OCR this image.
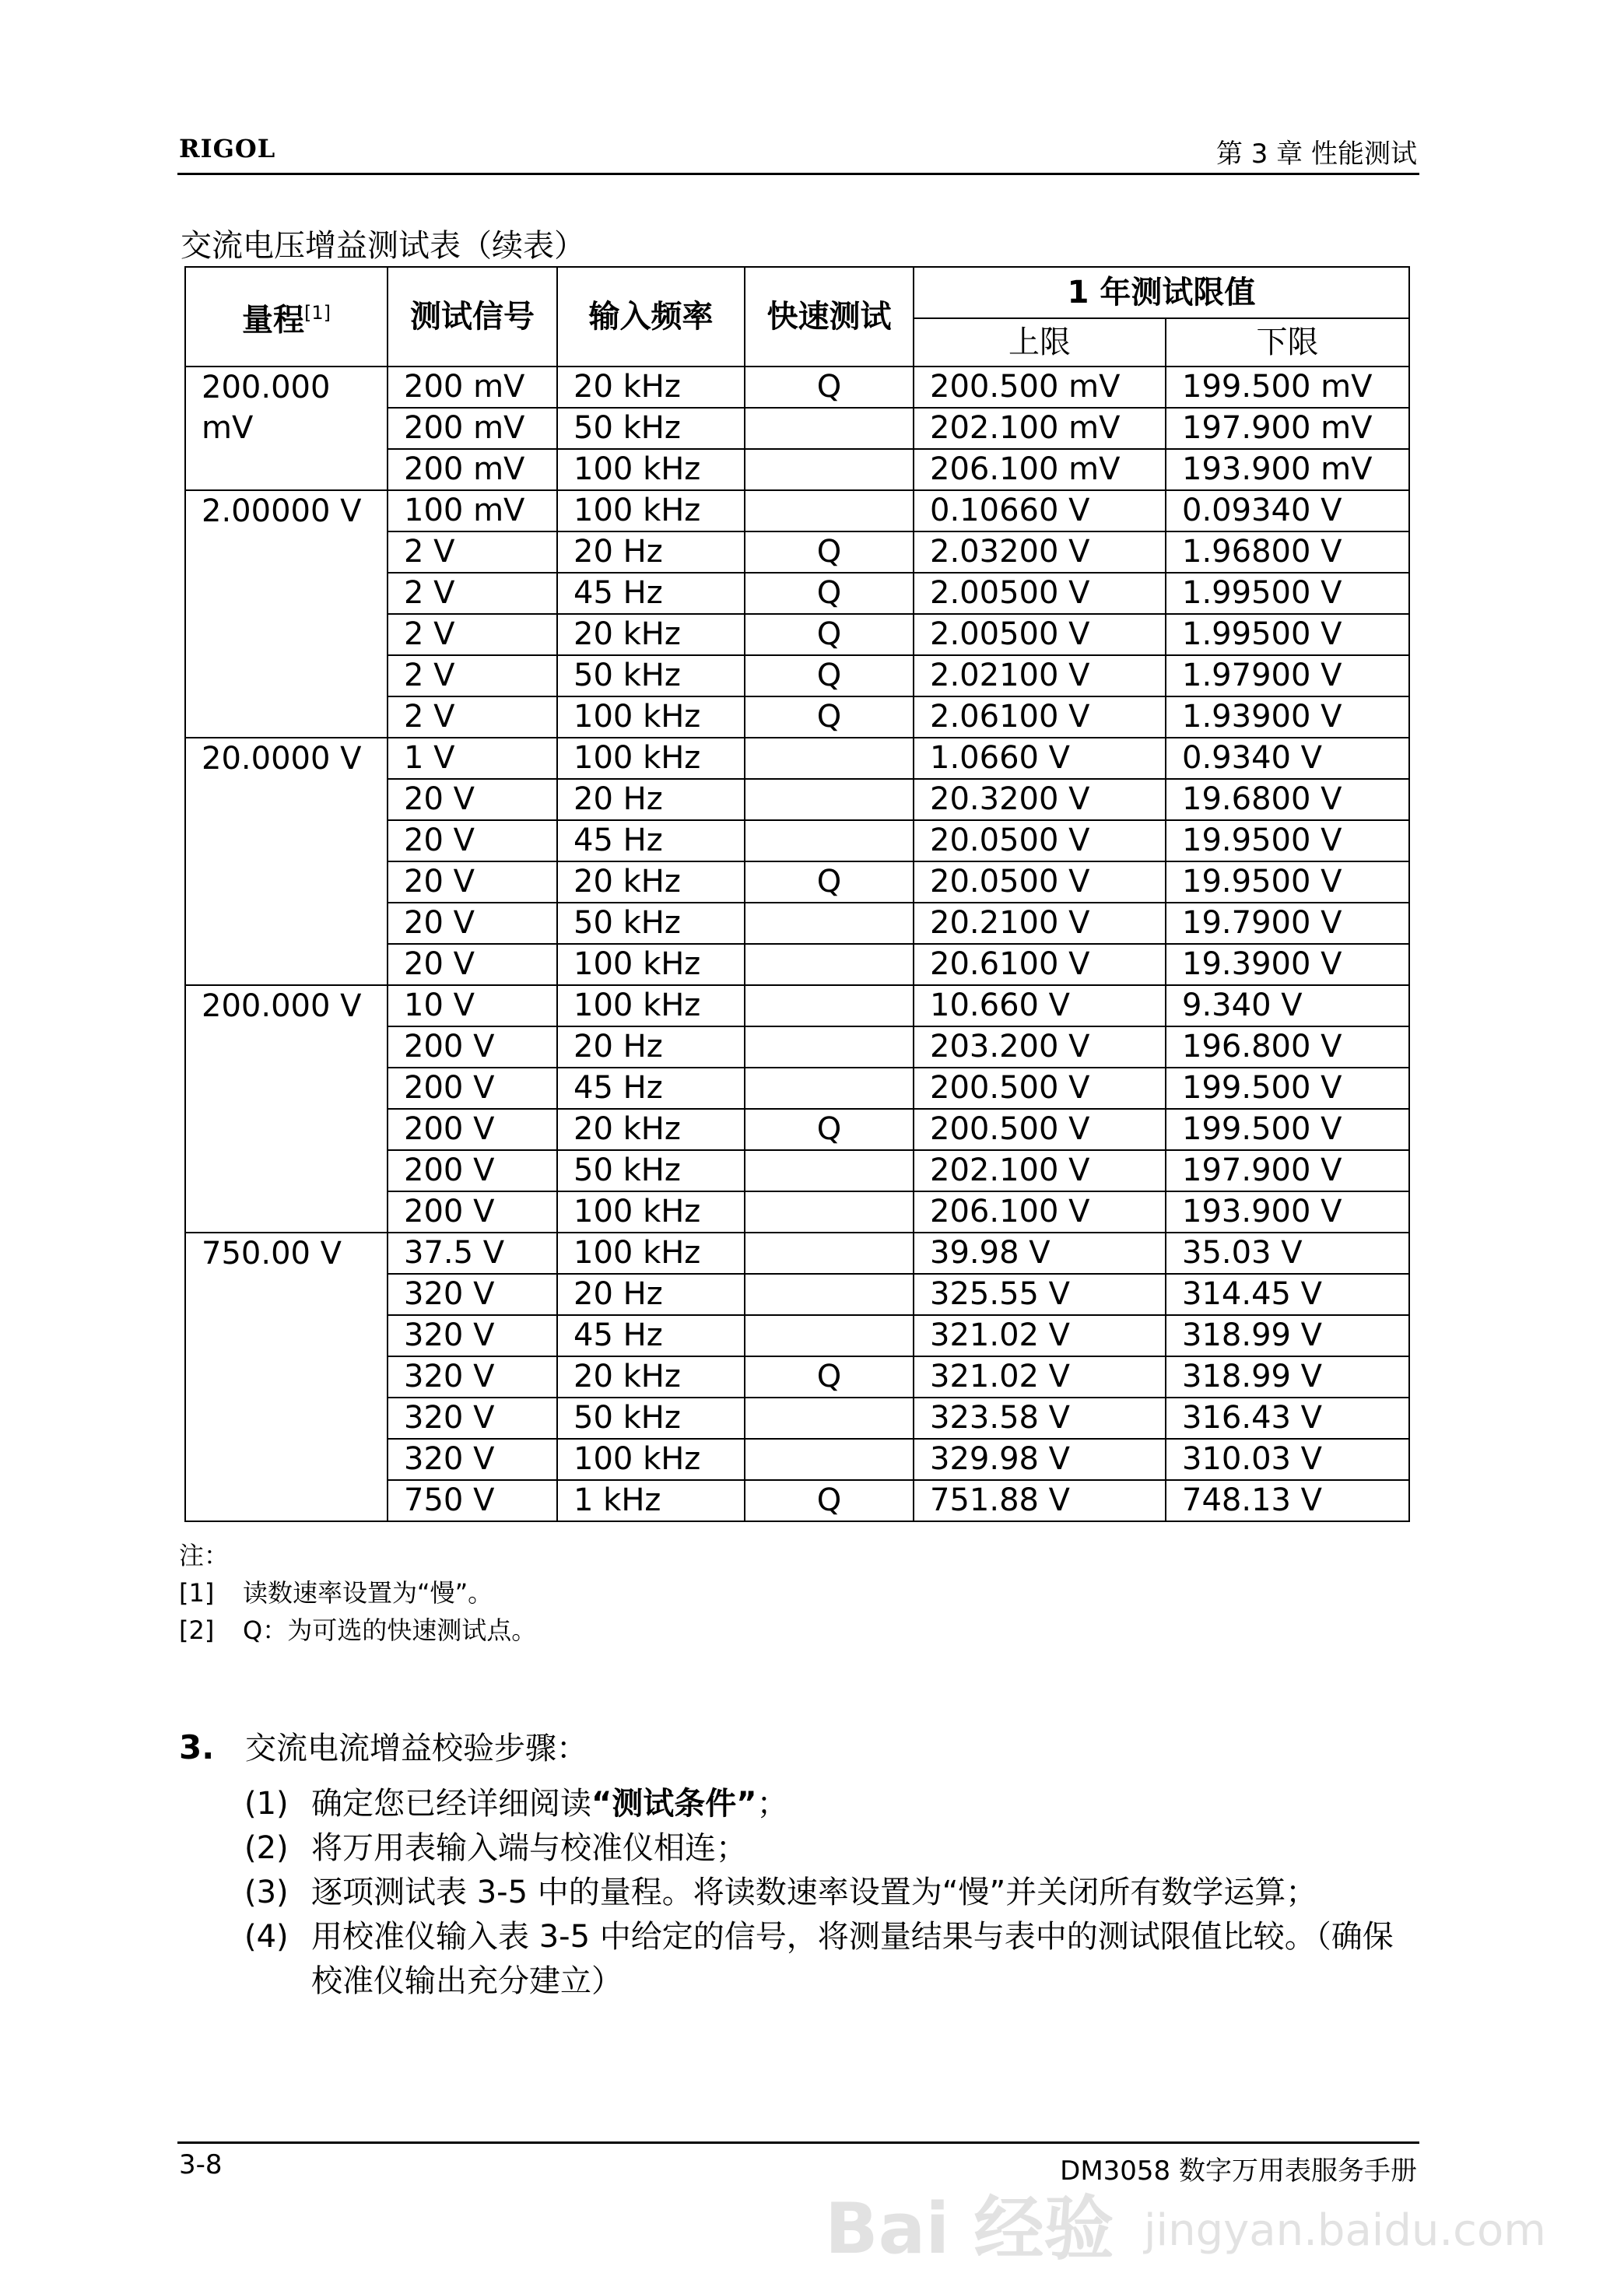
RIGOL	第 3 章 性能测试
交流电压增益测试表（续表）
量程[1]	测试信号	输入频率	快速测试	1 年测试限值	
				上限	下限
200.000 mV	200 mV	20 kHz	Q	200.500 mV	199.500 mV
	200 mV	50 kHz		202.100 mV	197.900 mV
	200 mV	100 kHz		206.100 mV	193.900 mV
2.00000 V	100 mV	100 kHz		0.10660 V	0.09340 V
	2 V	20 Hz	Q	2.03200 V	1.96800 V
	2 V	45 Hz	Q	2.00500 V	1.99500 V
	2 V	20 kHz	Q	2.00500 V	1.99500 V
	2 V	50 kHz	Q	2.02100 V	1.97900 V
	2 V	100 kHz	Q	2.06100 V	1.93900 V
20.0000 V	1 V	100 kHz		1.0660 V	0.9340 V
	20 V	20 Hz		20.3200 V	19.6800 V
	20 V	45 Hz		20.0500 V	19.9500 V
	20 V	20 kHz	Q	20.0500 V	19.9500 V
	20 V	50 kHz		20.2100 V	19.7900 V
	20 V	100 kHz		20.6100 V	19.3900 V
200.000 V	10 V	100 kHz		10.660 V	9.340 V
	200 V	20 Hz		203.200 V	196.800 V
	200 V	45 Hz		200.500 V	199.500 V
	200 V	20 kHz	Q	200.500 V	199.500 V
	200 V	50 kHz		202.100 V	197.900 V
	200 V	100 kHz		206.100 V	193.900 V
750.00 V	37.5 V	100 kHz		39.98 V	35.03 V
	320 V	20 Hz		325.55 V	314.45 V
	320 V	45 Hz		321.02 V	318.99 V
	320 V	20 kHz	Q	321.02 V	318.99 V
	320 V	50 kHz		323.58 V	316.43 V
	320 V	100 kHz		329.98 V	310.03 V
	750 V	1 kHz	Q	751.88 V	748.13 V
注：
[1]	读数速率设置为“慢”。
[2]	Q：为可选的快速测试点。
3. 交流电流增益校验步骤：
(1) 确定您已经详细阅读“测试条件”；
(2) 将万用表输入端与校准仪相连；
(3) 逐项测试表 3-5 中的量程。将读数速率设置为“慢”并关闭所有数学运算；
(4) 用校准仪输入表 3-5 中给定的信号，将测量结果与表中的测试限值比较。（确保校准仪输出充分建立）
3-8	DM3058 数字万用表服务手册
Bai 经验 jingyan.baidu.com
